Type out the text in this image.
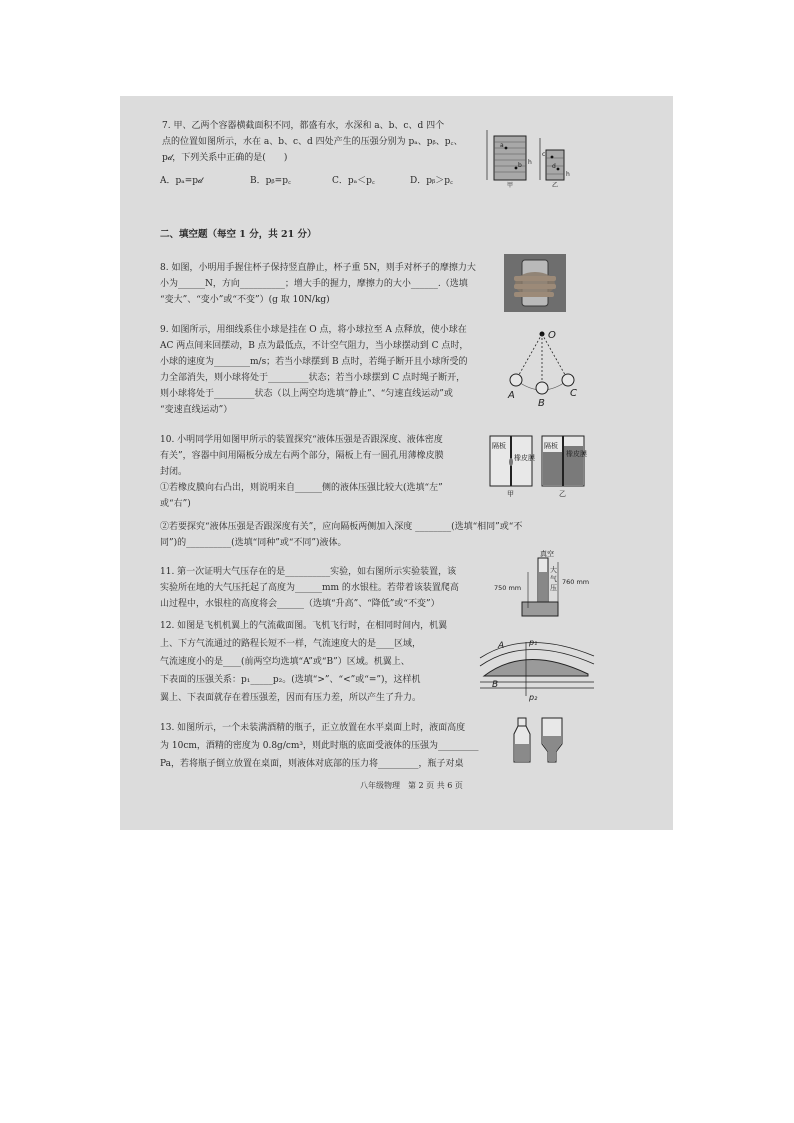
7. 甲、乙两个容器横截面积不同，都盛有水，水深和 a、b、c、d 四个
点的位置如图所示，水在 a、b、c、d 四处产生的压强分别为 pₐ、pᵦ、p꜀、
p𝒹，下列关系中正确的是(　　)
A．pₐ=p𝒹	B．pᵦ=p꜀	C．pₐ＜p꜀	D．pᵦ＞p꜀
a
b h
甲
c
d
h
乙
二、填空题（每空 1 分，共 21 分）
8. 如图，小明用手握住杯子保持竖直静止，杯子重 5N，则手对杯子的摩擦力大
小为______N，方向__________；增大手的握力，摩擦力的大小______.（选填
“变大”、“变小”或“不变”）(g 取 10N/kg)
9. 如图所示，用细线系住小球是挂在 O 点，将小球拉至 A 点释放，使小球在
AC 两点间来回摆动，B 点为最低点，不计空气阻力，当小球摆动到 C 点时，
小球的速度为________m/s；若当小球摆到 B 点时，若绳子断开且小球所受的
力全部消失，则小球将处于_________状态；若当小球摆到 C 点时绳子断开，
则小球将处于_________状态（以上两空均选填“静止”、“匀速直线运动”或
“变速直线运动”）
O
A
B
C
10. 小明同学用如图甲所示的装置探究“液体压强是否跟深度、液体密度
有关”，容器中间用隔板分成左右两个部分，隔板上有一圆孔用薄橡皮膜
封闭。
①若橡皮膜向右凸出，则说明来自______侧的液体压强比较大(选填“左”
或“右”)
②若要探究“液体压强是否跟深度有关”，应向隔板两侧加入深度 ________(选填“相同”或“不
同”)的__________(选填“同种”或“不同”)液体。
隔板
橡皮膜
甲
隔板
橡皮膜
乙
11. 第一次证明大气压存在的是__________实验，如右图所示实验装置，该
实验所在地的大气压托起了高度为______mm 的水银柱。若带着该装置爬高
山过程中，水银柱的高度将会______（选填“升高”、“降低”或“不变”）
真空
大
气
压
750 mm
760 mm
12. 如图是飞机机翼上的气流截面图。飞机飞行时，在相同时间内，机翼
上、下方气流通过的路程长短不一样，气流速度大的是____区域，
气流速度小的是____(前两空均选填“A”或“B”）区域。机翼上、
下表面的压强关系：p₁_____p₂。(选填“>”、“<”或“=”)，这样机
翼上、下表面就存在着压强差，因而有压力差，所以产生了升力。
A
B
p₁
p₂
13. 如图所示，一个未装满酒精的瓶子，正立放置在水平桌面上时，液面高度
为 10cm，酒精的密度为 0.8g/cm³，则此时瓶的底面受液体的压强为_________
Pa，若将瓶子倒立放置在桌面，则液体对底部的压力将_________，瓶子对桌
八年级物理　第 2 页 共 6 页
